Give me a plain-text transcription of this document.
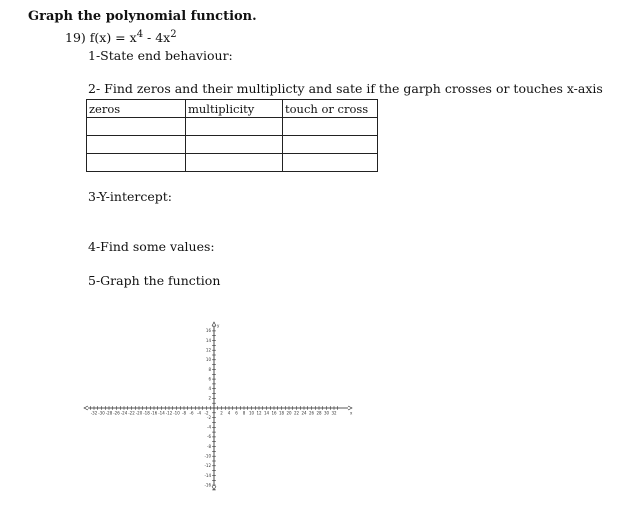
Graph the polynomial function.
19) $f(x) = x^4 - 4x^2$
1-State end behaviour:
2- Find zeros and their multiplicty and sate if the garph crosses or touches x-axis
zeros	multiplicity	touch or cross

3-Y-intercept:
4-Find some values:
5-Graph the function
-32 -30 -28 -26 -24 -22 -20 -18 -16 -14 -12 -10 -8 -6 -4 -2	2 4 6 8 10 12 14 16 18 20 22 24 26 28 30 32	x
16
14
12
10
8
6
4
2
-2
-4
-6
-8
-10
-12
-14
-16
y
